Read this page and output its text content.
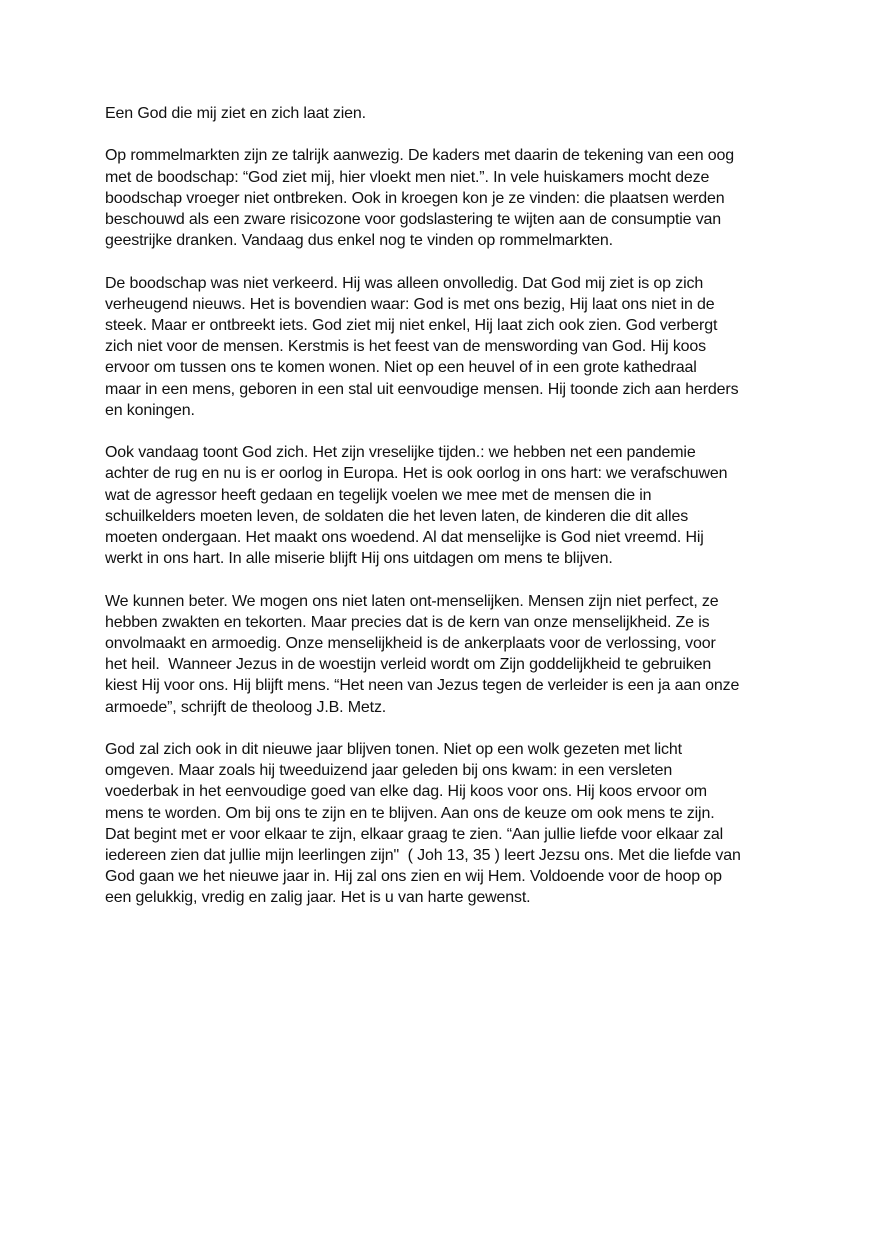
Een God die mij ziet en zich laat zien.
Op rommelmarkten zijn ze talrijk aanwezig. De kaders met daarin de tekening van een oog
met de boodschap: “God ziet mij, hier vloekt men niet.”. In vele huiskamers mocht deze
boodschap vroeger niet ontbreken. Ook in kroegen kon je ze vinden: die plaatsen werden
beschouwd als een zware risicozone voor godslastering te wijten aan de consumptie van
geestrijke dranken. Vandaag dus enkel nog te vinden op rommelmarkten.
De boodschap was niet verkeerd. Hij was alleen onvolledig. Dat God mij ziet is op zich
verheugend nieuws. Het is bovendien waar: God is met ons bezig, Hij laat ons niet in de
steek. Maar er ontbreekt iets. God ziet mij niet enkel, Hij laat zich ook zien. God verbergt
zich niet voor de mensen. Kerstmis is het feest van de menswording van God. Hij koos
ervoor om tussen ons te komen wonen. Niet op een heuvel of in een grote kathedraal
maar in een mens, geboren in een stal uit eenvoudige mensen. Hij toonde zich aan herders
en koningen.
Ook vandaag toont God zich. Het zijn vreselijke tijden.: we hebben net een pandemie
achter de rug en nu is er oorlog in Europa. Het is ook oorlog in ons hart: we verafschuwen
wat de agressor heeft gedaan en tegelijk voelen we mee met de mensen die in
schuilkelders moeten leven, de soldaten die het leven laten, de kinderen die dit alles
moeten ondergaan. Het maakt ons woedend. Al dat menselijke is God niet vreemd. Hij
werkt in ons hart. In alle miserie blijft Hij ons uitdagen om mens te blijven.
We kunnen beter. We mogen ons niet laten ont-menselijken. Mensen zijn niet perfect, ze
hebben zwakten en tekorten. Maar precies dat is de kern van onze menselijkheid. Ze is
onvolmaakt en armoedig. Onze menselijkheid is de ankerplaats voor de verlossing, voor
het heil.  Wanneer Jezus in de woestijn verleid wordt om Zijn goddelijkheid te gebruiken
kiest Hij voor ons. Hij blijft mens. “Het neen van Jezus tegen de verleider is een ja aan onze
armoede”, schrijft de theoloog J.B. Metz.
God zal zich ook in dit nieuwe jaar blijven tonen. Niet op een wolk gezeten met licht
omgeven. Maar zoals hij tweeduizend jaar geleden bij ons kwam: in een versleten
voederbak in het eenvoudige goed van elke dag. Hij koos voor ons. Hij koos ervoor om
mens te worden. Om bij ons te zijn en te blijven. Aan ons de keuze om ook mens te zijn.
Dat begint met er voor elkaar te zijn, elkaar graag te zien. “Aan jullie liefde voor elkaar zal
iedereen zien dat jullie mijn leerlingen zijn"  ( Joh 13, 35 ) leert Jezsu ons. Met die liefde van
God gaan we het nieuwe jaar in. Hij zal ons zien en wij Hem. Voldoende voor de hoop op
een gelukkig, vredig en zalig jaar. Het is u van harte gewenst.
